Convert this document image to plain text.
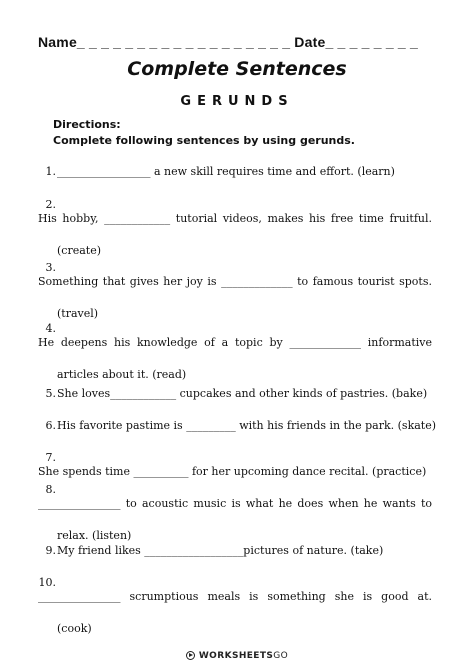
Name_ _ _ _ _ _ _ _ _ _ _ _ _ _ _ _ _ _ Date_ _ _ _ _ _ _ _
Complete Sentences
GERUNDS
Directions:
Complete following sentences by using gerunds.
1._________________ a new skill requires time and effort. (learn)
2.His hobby, ____________ tutorial videos, makes his free time fruitful.
(create)
3.Something that gives her joy is _____________ to famous tourist spots.
(travel)
4.He deepens his knowledge of a topic by _____________ informative
articles about it. (read)
5.She loves____________ cupcakes and other kinds of pastries. (bake)
6.His favorite pastime is _________ with his friends in the park. (skate)
7.She spends time __________ for her upcoming dance recital. (practice)
8._______________ to acoustic music is what he does when he wants to
relax. (listen)
9.My friend likes __________________pictures of nature. (take)
10._______________ scrumptious meals is something she is good at.
(cook)
WORKSHEETSGO
